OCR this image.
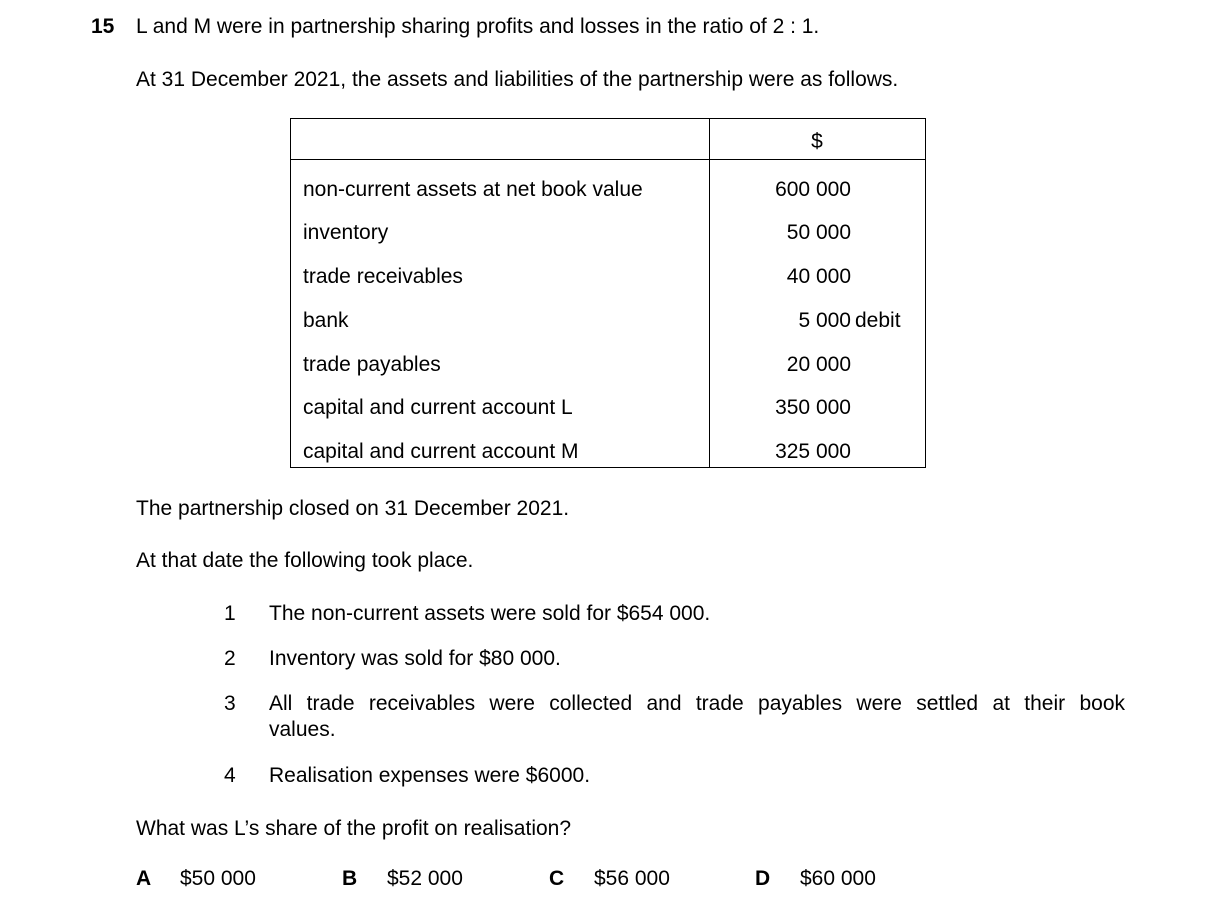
15 L and M were in partnership sharing profits and losses in the ratio of 2 : 1.
At 31 December 2021, the assets and liabilities of the partnership were as follows.
$
non-current assets at net book value	600 000
inventory	50 000
trade receivables	40 000
bank	5 000 debit
trade payables	20 000
capital and current account L	350 000
capital and current account M	325 000
The partnership closed on 31 December 2021.
At that date the following took place.
1 The non-current assets were sold for $654 000.
2 Inventory was sold for $80 000.
3 All trade receivables were collected and trade payables were settled at their book
values.
4 Realisation expenses were $6000.
What was L’s share of the profit on realisation?
A $50 000	B $52 000	C $56 000	D $60 000
